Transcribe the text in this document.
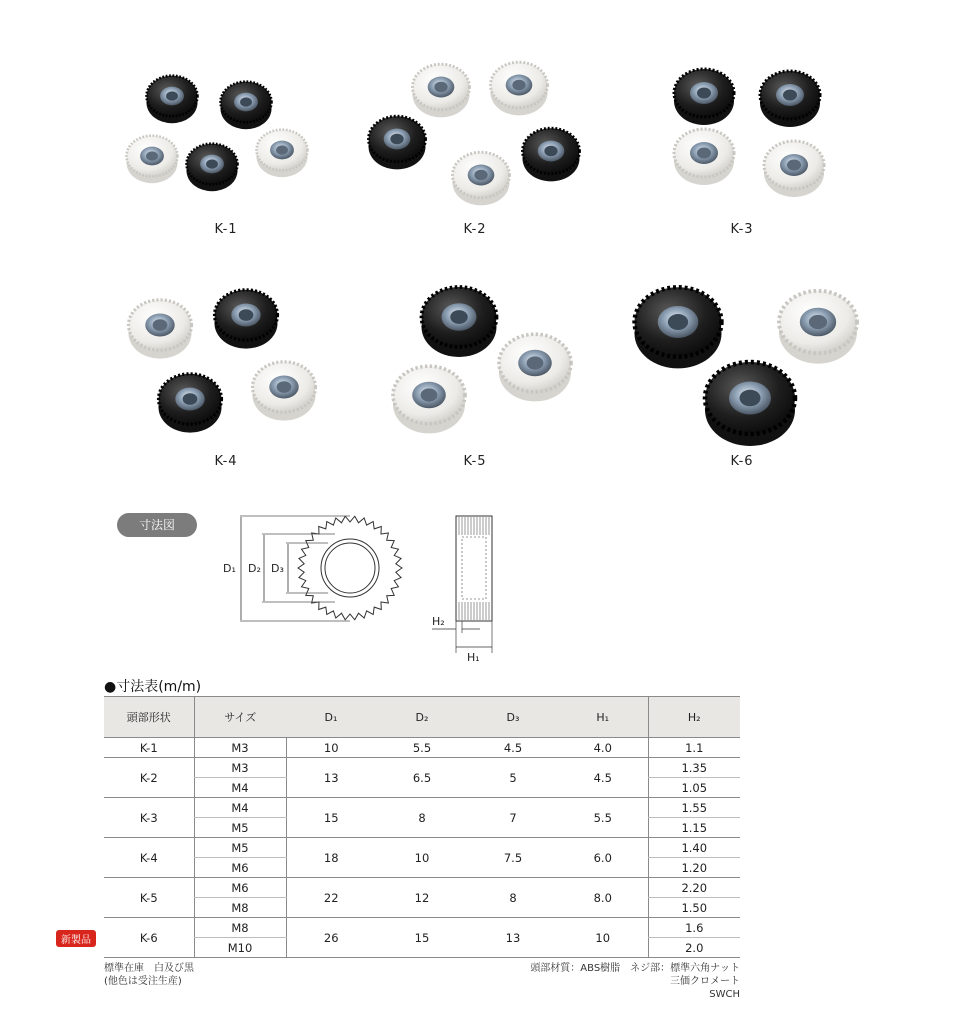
K-1	K-2	K-3
K-4	K-5	K-6
寸法図
D₁ D₂ D₃
H₂
H₁
●寸法表(m/m)
頭部形状	サイズ	D₁	D₂	D₃	H₁	H₂
K-1	M3	10	5.5	4.5	4.0	1.1
K-2	M3	13	6.5	5	4.5	1.35
	M4					1.05
K-3	M4	15	8	7	5.5	1.55
	M5					1.15
K-4	M5	18	10	7.5	6.0	1.40
	M6					1.20
K-5	M6	22	12	8	8.0	2.20
	M8					1.50
K-6	M8	26	15	13	10	1.6
	M10					2.0
新製品
標準在庫　白及び黒
(他色は受注生産)
頭部材質：ABS樹脂　ネジ部：標準六角ナット
三価クロメート
SWCH
